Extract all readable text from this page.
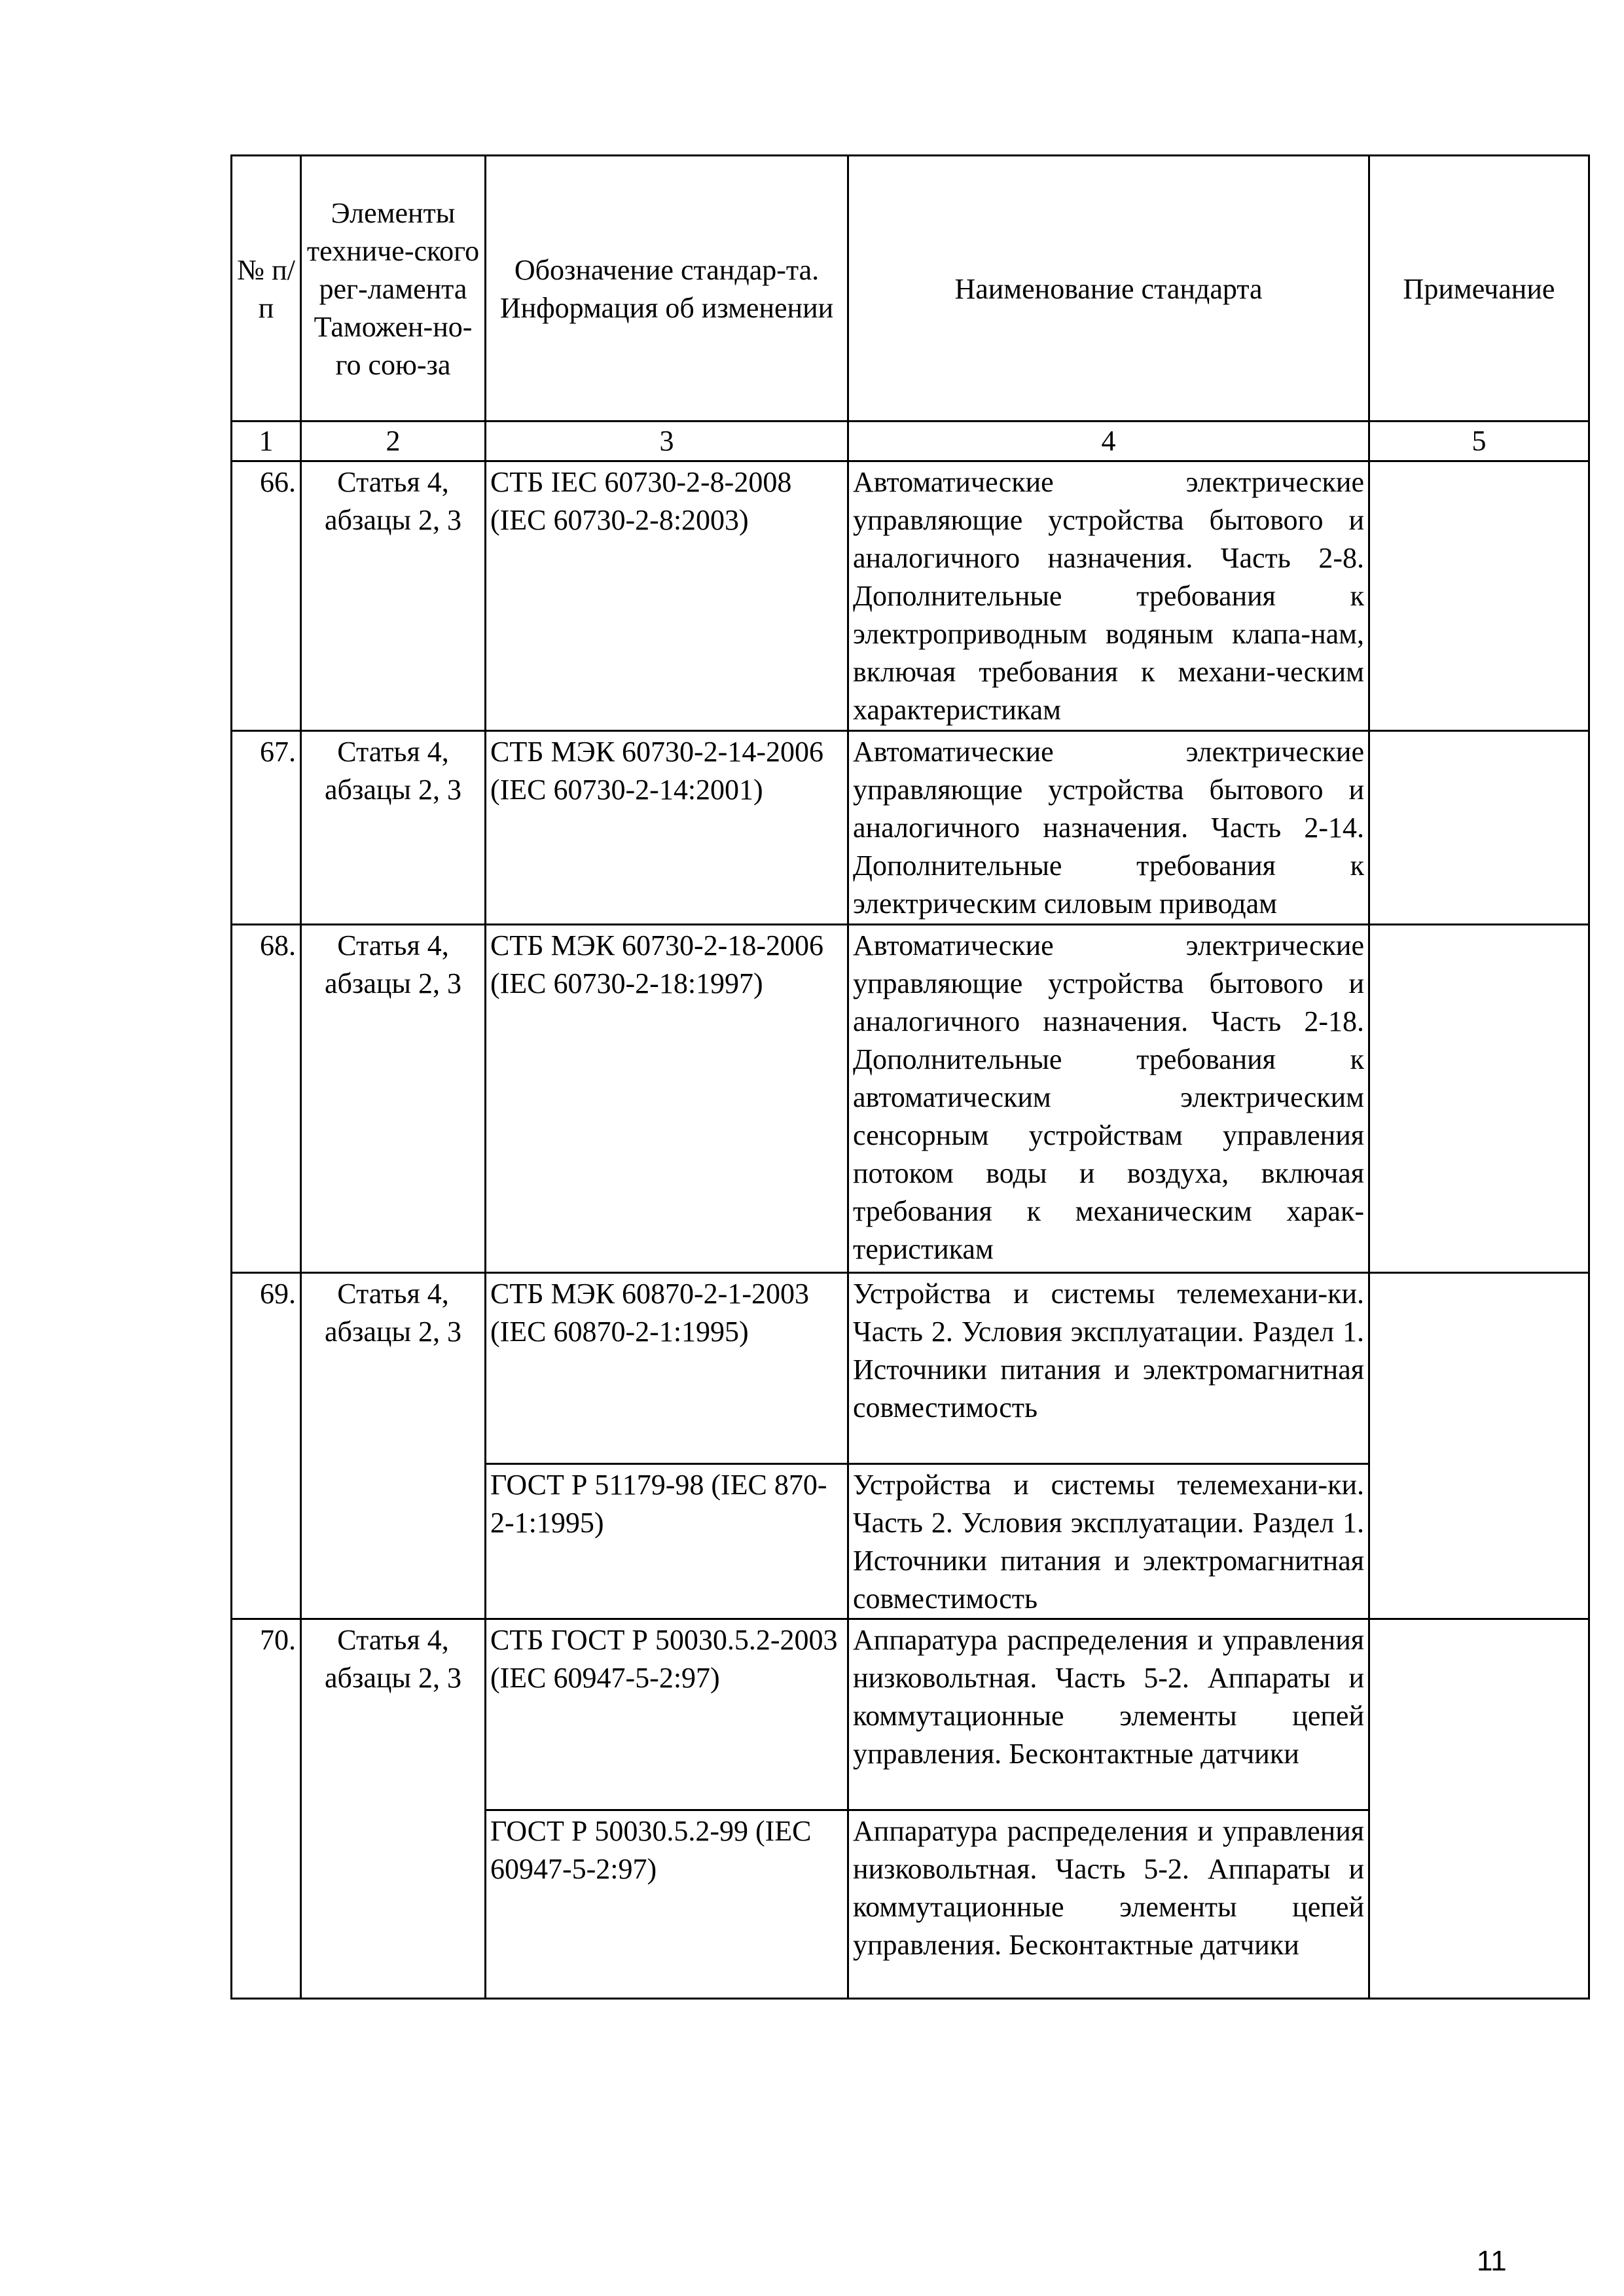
№ п/п	Элементы техниче-ского рег-ламента Таможен-но-го сою-за	Обозначение стандар-та. Информация об изменении	Наименование стандарта	Примечание
1	2	3	4	5
66.	Статья 4, абзацы 2, 3	СТБ IEC 60730-2-8-2008 (IEC 60730-2-8:2003)	Автоматические электрические управляющие устройства бытового и аналогичного назначения. Часть 2-8. Дополнительные требования к электроприводным водяным клапа-нам, включая требования к механи-ческим характеристикам	
67.	Статья 4, абзацы 2, 3	СТБ МЭК 60730-2-14-2006 (IEC 60730-2-14:2001)	Автоматические электрические управляющие устройства бытового и аналогичного назначения. Часть 2-14. Дополнительные требования к электрическим силовым приводам	
68.	Статья 4, абзацы 2, 3	СТБ МЭК 60730-2-18-2006 (IEC 60730-2-18:1997)	Автоматические электрические управляющие устройства бытового и аналогичного назначения. Часть 2-18. Дополнительные требования к автоматическим электрическим сенсорным устройствам управления потоком воды и воздуха, включая требования к механическим харак-теристикам	
69.	Статья 4, абзацы 2, 3	СТБ МЭК 60870-2-1-2003 (IEC 60870-2-1:1995)	Устройства и системы телемехани-ки. Часть 2. Условия эксплуатации. Раздел 1. Источники питания и электромагнитная совместимость	
		ГОСТ Р 51179-98 (IEC 870-2-1:1995)	Устройства и системы телемехани-ки. Часть 2. Условия эксплуатации. Раздел 1. Источники питания и электромагнитная совместимость	
70.	Статья 4, абзацы 2, 3	СТБ ГОСТ Р 50030.5.2-2003 (IEC 60947-5-2:97)	Аппаратура распределения и управления низковольтная. Часть 5-2. Аппараты и коммутационные элементы цепей управления. Бесконтактные датчики	
		ГОСТ Р 50030.5.2-99 (IEC 60947-5-2:97)	Аппаратура распределения и управления низковольтная. Часть 5-2. Аппараты и коммутационные элементы цепей управления. Бесконтактные датчики	
11
